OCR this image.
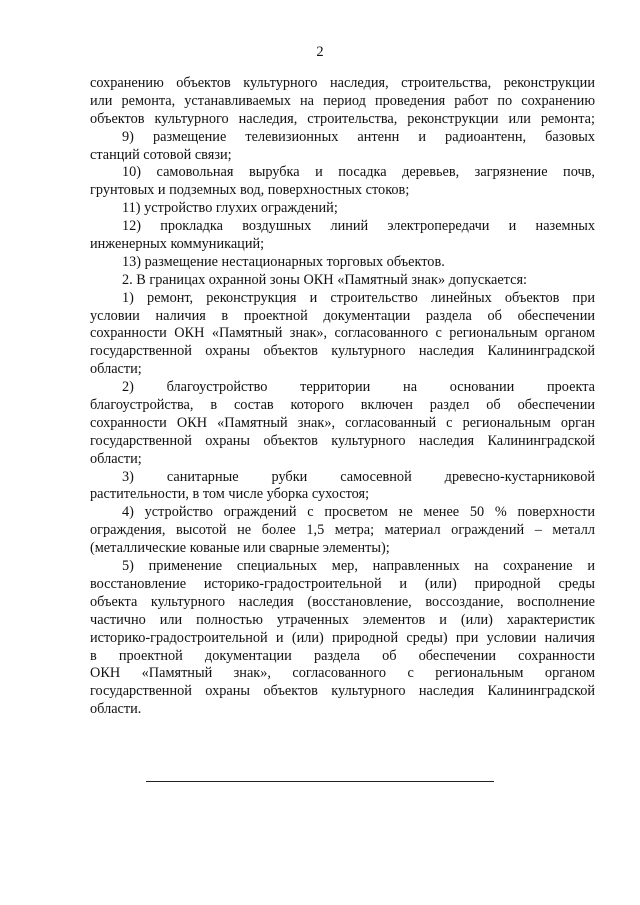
2
сохранению объектов культурного наследия, строительства, реконструкции
или ремонта, устанавливаемых на период проведения работ по сохранению
объектов культурного наследия, строительства, реконструкции или ремонта;
9) размещение телевизионных антенн и радиоантенн, базовых
станций сотовой связи;
10) самовольная вырубка и посадка деревьев, загрязнение почв,
грунтовых и подземных вод, поверхностных стоков;
11) устройство глухих ограждений;
12) прокладка воздушных линий электропередачи и наземных
инженерных коммуникаций;
13) размещение нестационарных торговых объектов.
2. В границах охранной зоны ОКН «Памятный знак» допускается:
1) ремонт, реконструкция и строительство линейных объектов при
условии наличия в проектной документации раздела об обеспечении
сохранности ОКН «Памятный знак», согласованного с региональным органом
государственной охраны объектов культурного наследия Калининградской
области;
2) благоустройство территории на основании проекта
благоустройства, в состав которого включен раздел об обеспечении
сохранности ОКН «Памятный знак», согласованный с региональным орган
государственной охраны объектов культурного наследия Калининградской
области;
3) санитарные рубки самосевной древесно-кустарниковой
растительности, в том числе уборка сухостоя;
4) устройство ограждений с просветом не менее 50 % поверхности
ограждения, высотой не более 1,5 метра; материал ограждений – металл
(металлические кованые или сварные элементы);
5) применение специальных мер, направленных на сохранение и
восстановление историко-градостроительной и (или) природной среды
объекта культурного наследия (восстановление, воссоздание, восполнение
частично или полностью утраченных элементов и (или) характеристик
историко-градостроительной и (или) природной среды) при условии наличия
в проектной документации раздела об обеспечении сохранности
ОКН «Памятный знак», согласованного с региональным органом
государственной охраны объектов культурного наследия Калининградской
области.
